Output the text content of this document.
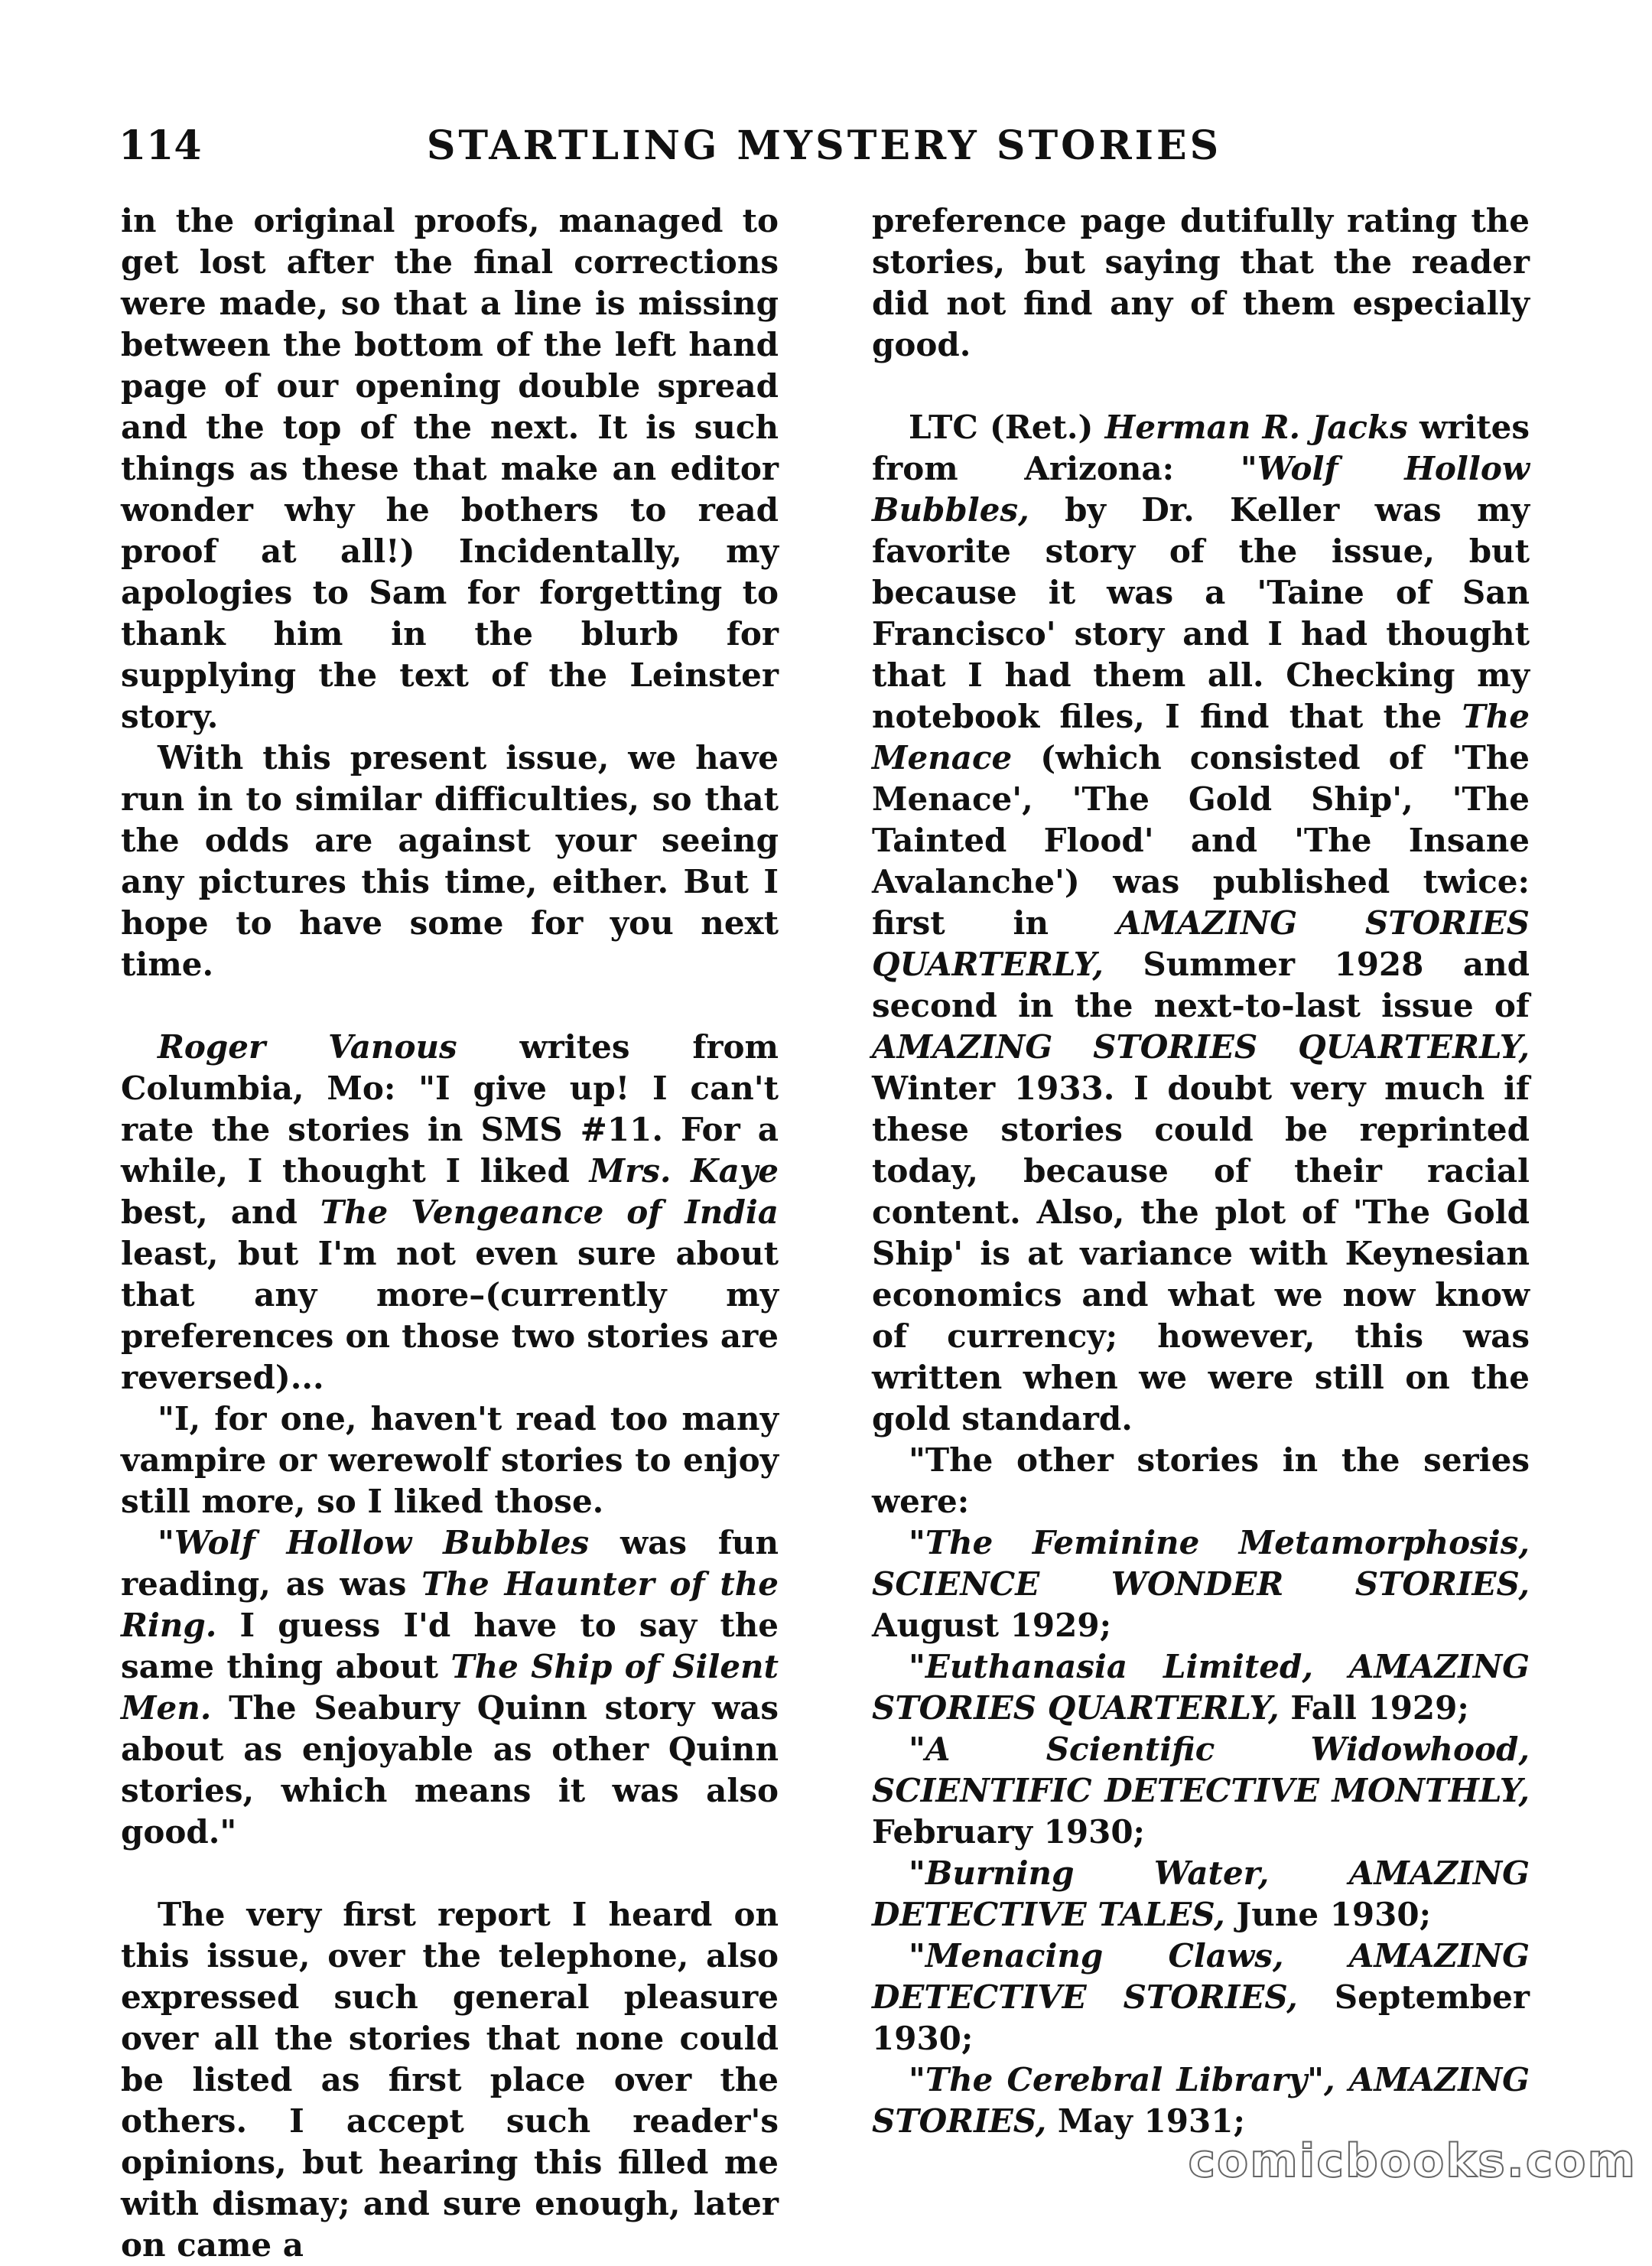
114	STARTLING MYSTERY STORIES

in the original proofs, managed to get lost after the final corrections were made, so that a line is missing between the bottom of the left hand page of our opening double spread and the top of the next. It is such things as these that make an editor wonder why he bothers to read proof at all!) Incidentally, my apologies to Sam for forgetting to thank him in the blurb for supplying the text of the Leinster story.

With this present issue, we have run in to similar difficulties, so that the odds are against your seeing any pictures this time, either. But I hope to have some for you next time.

Roger Vanous writes from Columbia, Mo: "I give up! I can't rate the stories in SMS #11. For a while, I thought I liked Mrs. Kaye best, and The Vengeance of India least, but I'm not even sure about that any more–(currently my preferences on those two stories are reversed)...

"I, for one, haven't read too many vampire or werewolf stories to enjoy still more, so I liked those.

"Wolf Hollow Bubbles was fun reading, as was The Haunter of the Ring. I guess I'd have to say the same thing about The Ship of Silent Men. The Seabury Quinn story was about as enjoyable as other Quinn stories, which means it was also good."

The very first report I heard on this issue, over the telephone, also expressed such general pleasure over all the stories that none could be listed as first place over the others. I accept such reader's opinions, but hearing this filled me with dismay; and sure enough, later on came a

preference page dutifully rating the stories, but saying that the reader did not find any of them especially good.

LTC (Ret.) Herman R. Jacks writes from Arizona: "Wolf Hollow Bubbles, by Dr. Keller was my favorite story of the issue, but because it was a 'Taine of San Francisco' story and I had thought that I had them all. Checking my notebook files, I find that the The Menace (which consisted of 'The Menace', 'The Gold Ship', 'The Tainted Flood' and 'The Insane Avalanche') was published twice: first in AMAZING STORIES QUARTERLY, Summer 1928 and second in the next-to-last issue of AMAZING STORIES QUARTERLY, Winter 1933. I doubt very much if these stories could be reprinted today, because of their racial content. Also, the plot of 'The Gold Ship' is at variance with Keynesian economics and what we now know of currency; however, this was written when we were still on the gold standard.

"The other stories in the series were:

"The Feminine Metamorphosis, SCIENCE WONDER STORIES, August 1929;

"Euthanasia Limited, AMAZING STORIES QUARTERLY, Fall 1929;

"A Scientific Widowhood, SCIENTIFIC DETECTIVE MONTHLY, February 1930;

"Burning Water, AMAZING DETECTIVE TALES, June 1930;

"Menacing Claws, AMAZING DETECTIVE STORIES, September 1930;

"The Cerebral Library", AMAZING STORIES, May 1931;

comicbooks.com
